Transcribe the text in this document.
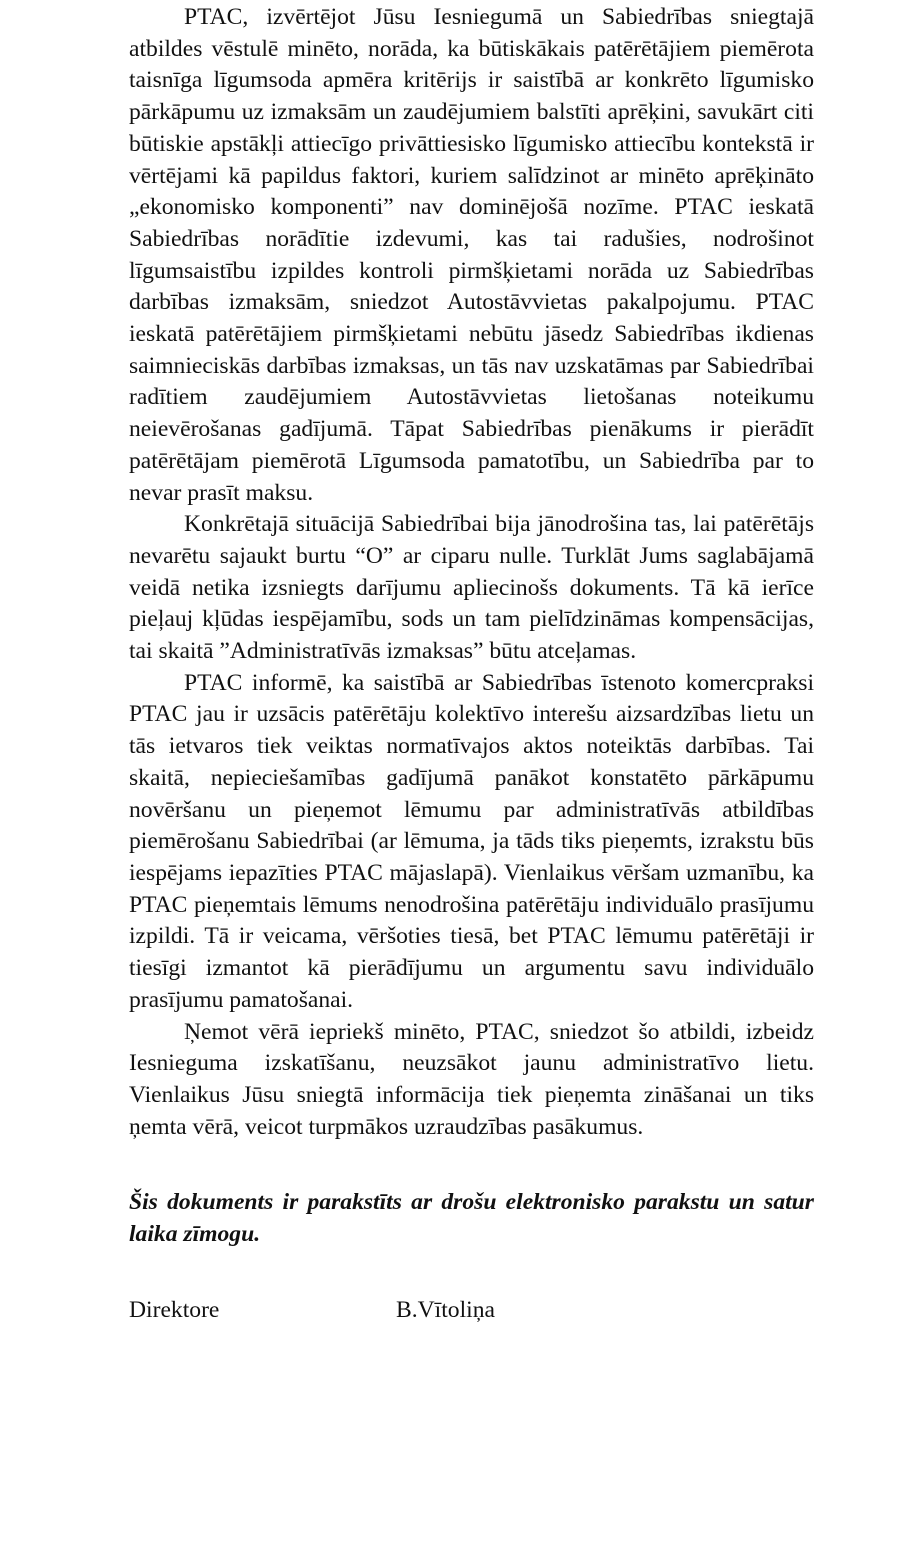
PTAC, izvērtējot Jūsu Iesniegumā un Sabiedrības sniegtajā atbildes vēstulē minēto, norāda, ka būtiskākais patērētājiem piemērota taisnīga līgumsoda apmēra kritērijs ir saistībā ar konkrēto līgumisko pārkāpumu uz izmaksām un zaudējumiem balstīti aprēķini, savukārt citi būtiskie apstākļi attiecīgo privāttiesisko līgumisko attiecību kontekstā ir vērtējami kā papildus faktori, kuriem salīdzinot ar minēto aprēķināto „ekonomisko komponenti” nav dominējošā nozīme. PTAC ieskatā Sabiedrības norādītie izdevumi, kas tai radušies, nodrošinot līgumsaistību izpildes kontroli pirmšķietami norāda uz Sabiedrības darbības izmaksām, sniedzot Autostāvvietas pakalpojumu. PTAC ieskatā patērētājiem pirmšķietami nebūtu jāsedz Sabiedrības ikdienas saimnieciskās darbības izmaksas, un tās nav uzskatāmas par Sabiedrībai radītiem zaudējumiem Autostāvvietas lietošanas noteikumu neievērošanas gadījumā. Tāpat Sabiedrības pienākums ir pierādīt patērētājam piemērotā Līgumsoda pamatotību, un Sabiedrība par to nevar prasīt maksu.

Konkrētajā situācijā Sabiedrībai bija jānodrošina tas, lai patērētājs nevarētu sajaukt burtu “O” ar ciparu nulle. Turklāt Jums saglabājamā veidā netika izsniegts darījumu apliecinošs dokuments. Tā kā ierīce pieļauj kļūdas iespējamību, sods un tam pielīdzināmas kompensācijas, tai skaitā ”Administratīvās izmaksas” būtu atceļamas.

PTAC informē, ka saistībā ar Sabiedrības īstenoto komercpraksi PTAC jau ir uzsācis patērētāju kolektīvo interešu aizsardzības lietu un tās ietvaros tiek veiktas normatīvajos aktos noteiktās darbības. Tai skaitā, nepieciešamības gadījumā panākot konstatēto pārkāpumu novēršanu un pieņemot lēmumu par administratīvās atbildības piemērošanu Sabiedrībai (ar lēmuma, ja tāds tiks pieņemts, izrakstu būs iespējams iepazīties PTAC mājaslapā). Vienlaikus vēršam uzmanību, ka PTAC pieņemtais lēmums nenodrošina patērētāju individuālo prasījumu izpildi. Tā ir veicama, vēršoties tiesā, bet PTAC lēmumu patērētāji ir tiesīgi izmantot kā pierādījumu un argumentu savu individuālo prasījumu pamatošanai.

Ņemot vērā iepriekš minēto, PTAC, sniedzot šo atbildi, izbeidz Iesnieguma izskatīšanu, neuzsākot jaunu administratīvo lietu. Vienlaikus Jūsu sniegtā informācija tiek pieņemta zināšanai un tiks ņemta vērā, veicot turpmākos uzraudzības pasākumus.

Šis dokuments ir parakstīts ar drošu elektronisko parakstu un satur laika zīmogu.

Direktore	B.Vītoliņa
